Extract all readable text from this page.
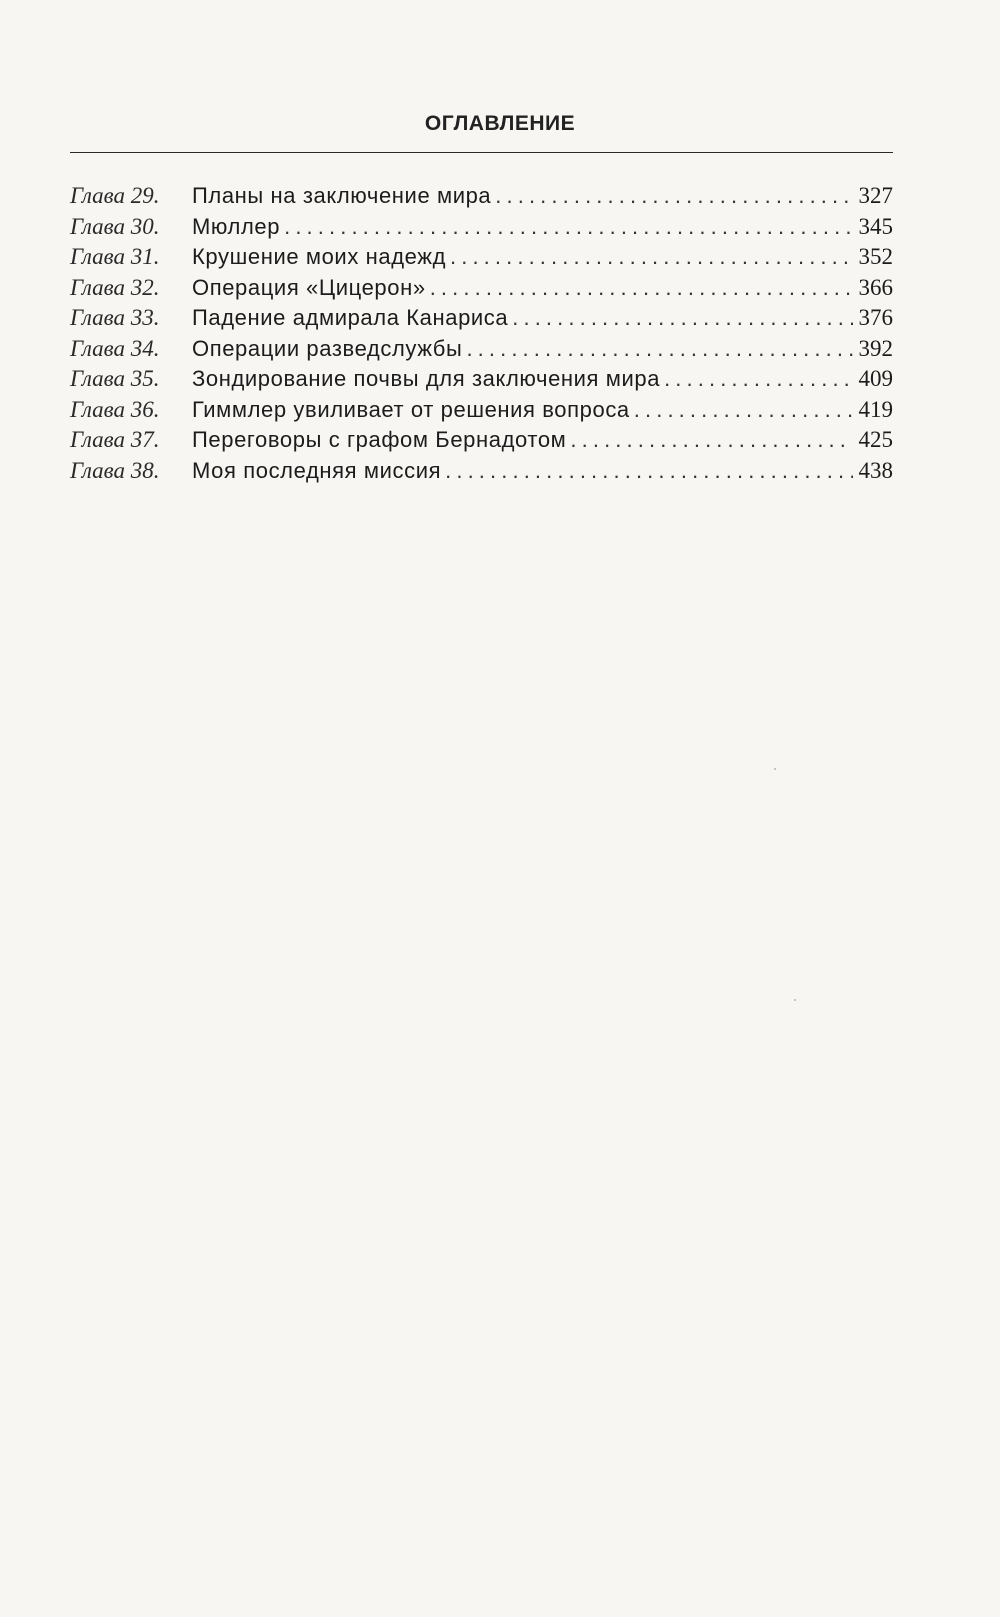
ОГЛАВЛЕНИЕ
Глава 29.	Планы на заключение мира . . .	327
Глава 30.	Мюллер . . .	345
Глава 31.	Крушение моих надежд . . .	352
Глава 32.	Операция «Цицерон» . . .	366
Глава 33.	Падение адмирала Канариса . . .	376
Глава 34.	Операции разведслужбы . . .	392
Глава 35.	Зондирование почвы для заключения мира . . .	409
Глава 36.	Гиммлер увиливает от решения вопроса . . .	419
Глава 37.	Переговоры с графом Бернадотом . . .	425
Глава 38.	Моя последняя миссия . . .	438
